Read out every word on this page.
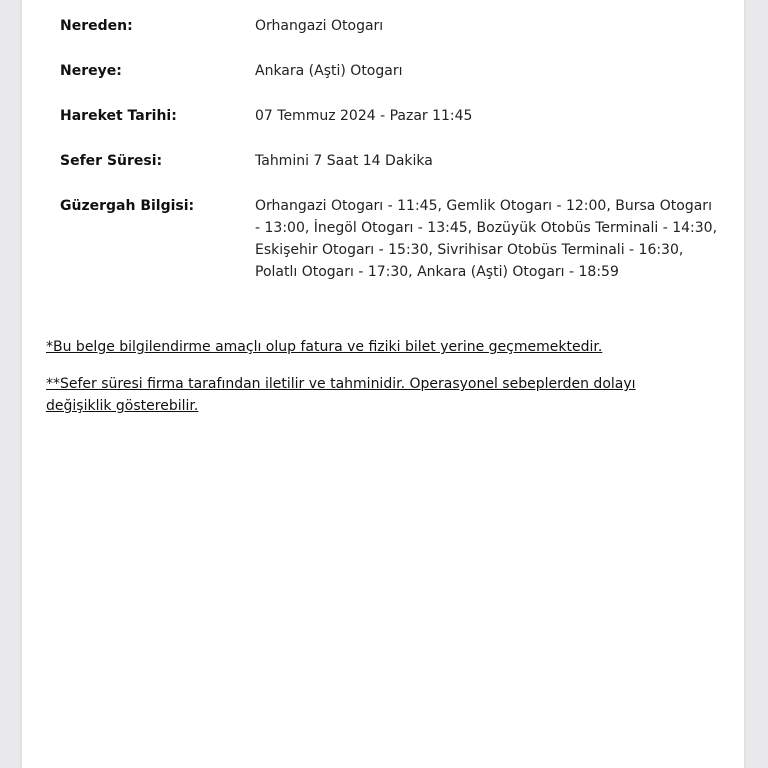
Nereden:	Orhangazi Otogarı
Nereye:	Ankara (Aşti) Otogarı
Hareket Tarihi:	07 Temmuz 2024 - Pazar 11:45
Sefer Süresi:	Tahmini 7 Saat 14 Dakika
Güzergah Bilgisi:	Orhangazi Otogarı - 11:45, Gemlik Otogarı - 12:00, Bursa Otogarı - 13:00, İnegöl Otogarı - 13:45, Bozüyük Otobüs Terminali - 14:30, Eskişehir Otogarı - 15:30, Sivrihisar Otobüs Terminali - 16:30, Polatlı Otogarı - 17:30, Ankara (Aşti) Otogarı - 18:59
*Bu belge bilgilendirme amaçlı olup fatura ve fiziki bilet yerine geçmemektedir.
**Sefer süresi firma tarafından iletilir ve tahminidir. Operasyonel sebeplerden dolayı değişiklik gösterebilir.
